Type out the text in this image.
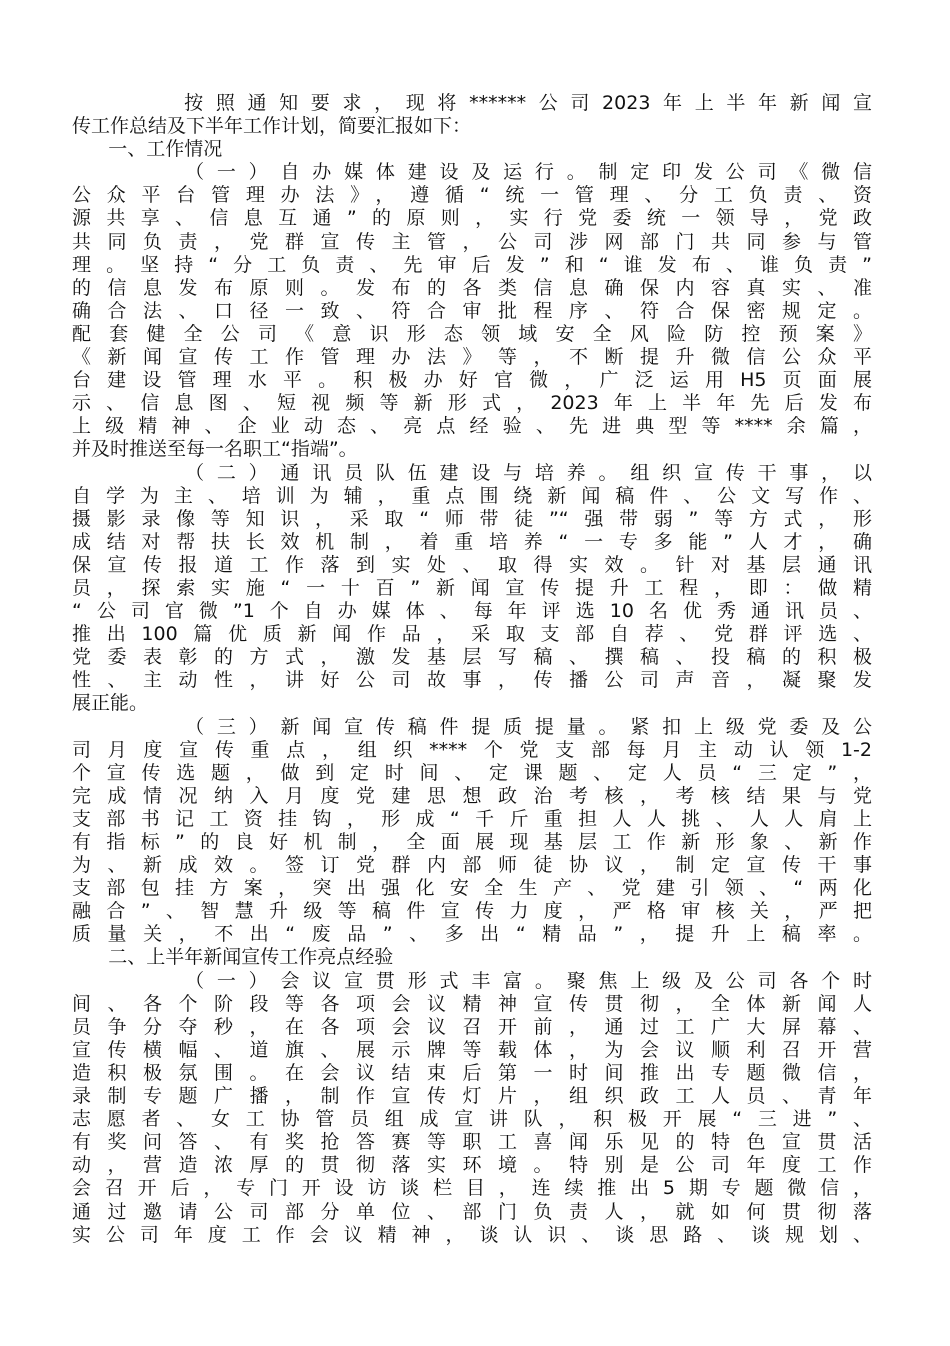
按照通知要求，现将******公司2023年上半年新闻宣
传工作总结及下半年工作计划，简要汇报如下：
一、工作情况
（一）自办媒体建设及运行。制定印发公司《微信
公众平台管理办法》，遵循“统一管理、分工负责、资
源共享、信息互通”的原则，实行党委统一领导，党政
共同负责，党群宣传主管，公司涉网部门共同参与管
理。坚持“分工负责、先审后发”和“谁发布、谁负责”
的信息发布原则。发布的各类信息确保内容真实、准
确合法、口径一致、符合审批程序、符合保密规定。
配套健全公司《意识形态领域安全风险防控预案》
《新闻宣传工作管理办法》等，不断提升微信公众平
台建设管理水平。积极办好官微，广泛运用H5页面展
示、信息图、短视频等新形式，2023年上半年先后发布
上级精神、企业动态、亮点经验、先进典型等****余篇，
并及时推送至每一名职工“指端”。
（二）通讯员队伍建设与培养。组织宣传干事，以
自学为主、培训为辅，重点围绕新闻稿件、公文写作、
摄影录像等知识，采取“师带徒”“强带弱”等方式，形
成结对帮扶长效机制，着重培养“一专多能”人才，确
保宣传报道工作落到实处、取得实效。针对基层通讯
员，探索实施“一十百”新闻宣传提升工程，即：做精
“公司官微”1个自办媒体、每年评选10名优秀通讯员、
推出100篇优质新闻作品，采取支部自荐、党群评选、
党委表彰的方式，激发基层写稿、撰稿、投稿的积极
性、主动性，讲好公司故事，传播公司声音，凝聚发
展正能。
（三）新闻宣传稿件提质提量。紧扣上级党委及公
司月度宣传重点，组织****个党支部每月主动认领1-2
个宣传选题，做到定时间、定课题、定人员“三定”，
完成情况纳入月度党建思想政治考核，考核结果与党
支部书记工资挂钩，形成“千斤重担人人挑、人人肩上
有指标”的良好机制，全面展现基层工作新形象、新作
为、新成效。签订党群内部师徒协议，制定宣传干事
支部包挂方案，突出强化安全生产、党建引领、“两化
融合”、智慧升级等稿件宣传力度，严格审核关，严把
质量关，不出“废品”、多出“精品”，提升上稿率。
二、上半年新闻宣传工作亮点经验
（一）会议宣贯形式丰富。聚焦上级及公司各个时
间、各个阶段等各项会议精神宣传贯彻，全体新闻人
员争分夺秒，在各项会议召开前，通过工广大屏幕、
宣传横幅、道旗、展示牌等载体，为会议顺利召开营
造积极氛围。在会议结束后第一时间推出专题微信，
录制专题广播，制作宣传灯片，组织政工人员、青年
志愿者、女工协管员组成宣讲队，积极开展“三进”、
有奖问答、有奖抢答赛等职工喜闻乐见的特色宣贯活
动，营造浓厚的贯彻落实环境。特别是公司年度工作
会召开后，专门开设访谈栏目，连续推出5期专题微信，
通过邀请公司部分单位、部门负责人，就如何贯彻落
实公司年度工作会议精神，谈认识、谈思路、谈规划、
